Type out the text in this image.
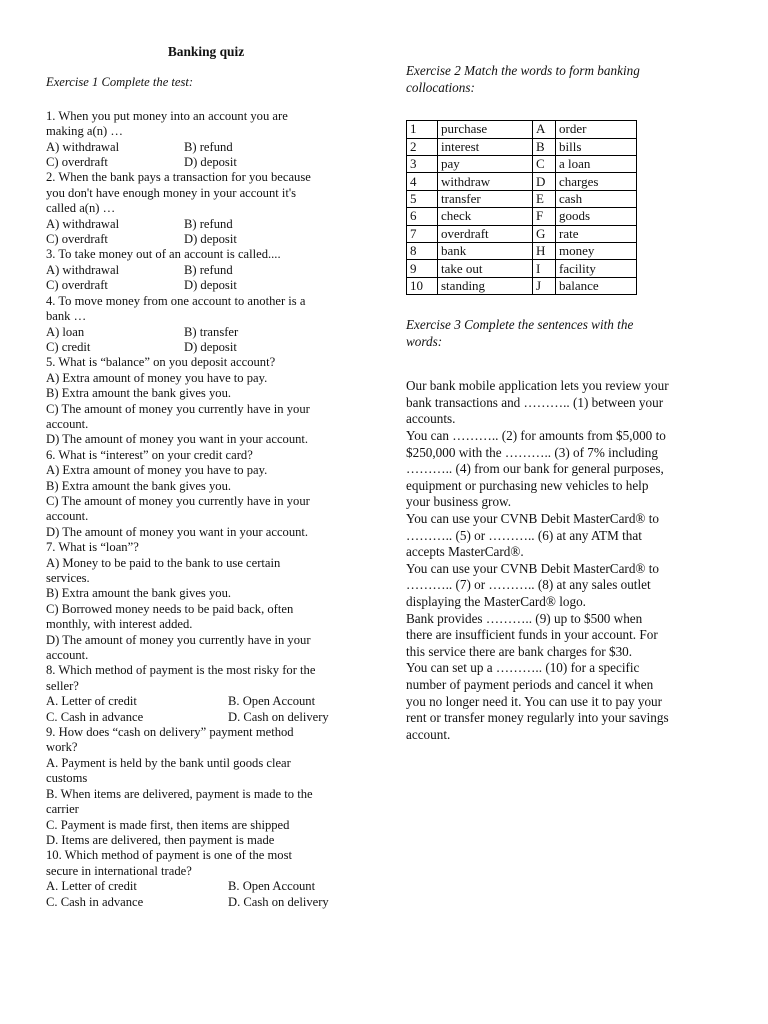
Banking quiz
Exercise 1 Complete the test:
1. When you put money into an account you are
making a(n) …
A) withdrawal	B) refund
C) overdraft	D) deposit
2. When the bank pays a transaction for you because
you don't have enough money in your account it's
called a(n) …
A) withdrawal	B) refund
C) overdraft	D) deposit
3. To take money out of an account is called....
A) withdrawal	B) refund
C) overdraft	D) deposit
4. To move money from one account to another is a
bank …
A) loan	B) transfer
C) credit	D) deposit
5. What is “balance” on you deposit account?
A) Extra amount of money you have to pay.
B) Extra amount the bank gives you.
C) The amount of money you currently have in your
account.
D) The amount of money you want in your account.
6. What is “interest” on your credit card?
A) Extra amount of money you have to pay.
B) Extra amount the bank gives you.
C) The amount of money you currently have in your
account.
D) The amount of money you want in your account.
7. What is “loan”?
A) Money to be paid to the bank to use certain
services.
B) Extra amount the bank gives you.
C) Borrowed money needs to be paid back, often
monthly, with interest added.
D) The amount of money you currently have in your
account.
8. Which method of payment is the most risky for the
seller?
A. Letter of credit	B. Open Account
C. Cash in advance	D. Cash on delivery
9. How does “cash on delivery” payment method
work?
A. Payment is held by the bank until goods clear
customs
B. When items are delivered, payment is made to the
carrier
C. Payment is made first, then items are shipped
D. Items are delivered, then payment is made
10. Which method of payment is one of the most
secure in international trade?
A. Letter of credit	B. Open Account
C. Cash in advance	D. Cash on delivery
Exercise 2 Match the words to form banking
collocations:
1	purchase	A	order
2	interest	B	bills
3	pay	C	a loan
4	withdraw	D	charges
5	transfer	E	cash
6	check	F	goods
7	overdraft	G	rate
8	bank	H	money
9	take out	I	facility
10	standing	J	balance
Exercise 3 Complete the sentences with the
words:
Our bank mobile application lets you review your
bank transactions and ……….. (1) between your
accounts.
You can ……….. (2) for amounts from $5,000 to
$250,000 with the ……….. (3) of 7% including
……….. (4) from our bank for general purposes,
equipment or purchasing new vehicles to help
your business grow.
You can use your CVNB Debit MasterCard® to
……….. (5) or ……….. (6) at any ATM that
accepts MasterCard®.
You can use your CVNB Debit MasterCard® to
……….. (7) or ……….. (8) at any sales outlet
displaying the MasterCard® logo.
Bank provides ……….. (9) up to $500 when
there are insufficient funds in your account. For
this service there are bank charges for $30.
You can set up a ……….. (10) for a specific
number of payment periods and cancel it when
you no longer need it. You can use it to pay your
rent or transfer money regularly into your savings
account.
